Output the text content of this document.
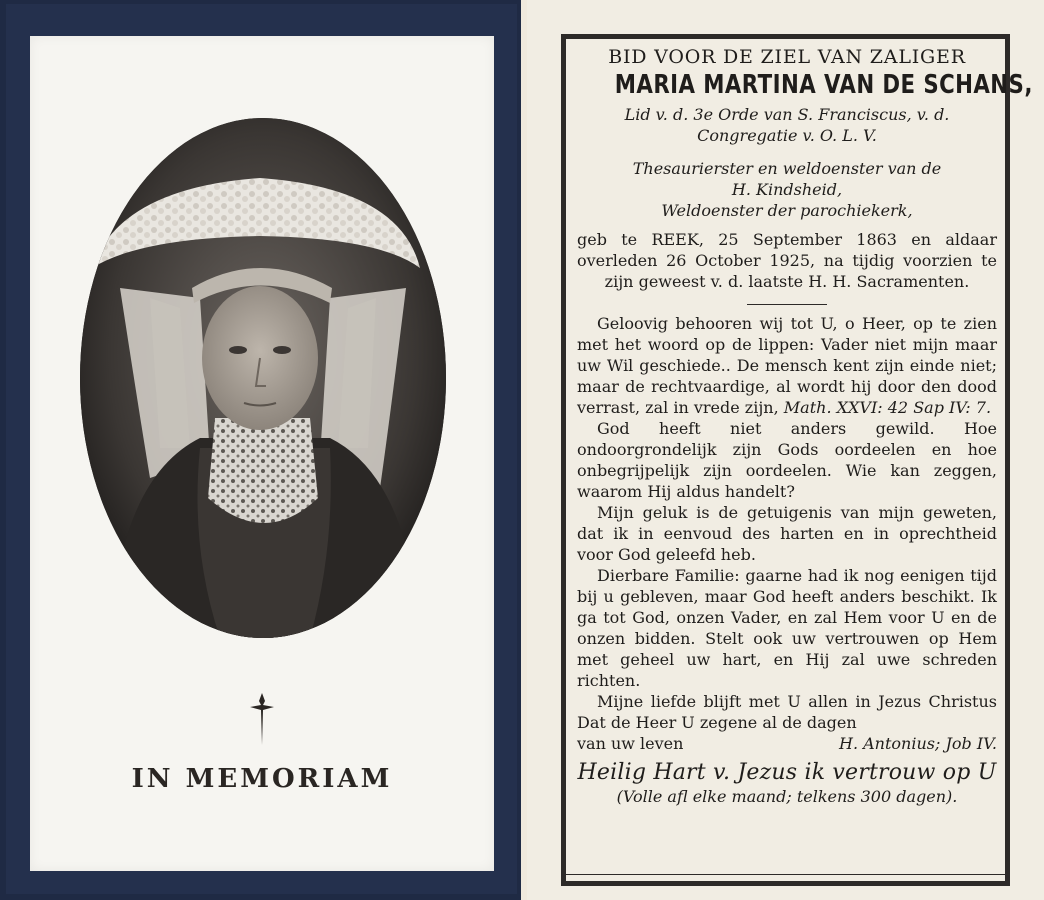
IN MEMORIAM
BID VOOR DE ZIEL VAN ZALIGER
MARIA MARTINA VAN DE SCHANS,
Lid v. d. 3e Orde van S. Franciscus, v. d.
Congregatie v. O. L. V.
Thesaurierster en weldoenster van de
H. Kindsheid,
Weldoenster der parochiekerk,
geb te REEK, 25 September 1863 en aldaar overleden 26 October 1925, na tijdig voorzien te zijn geweest v. d. laatste H. H. Sacramenten.

Geloovig behooren wij tot U, o Heer, op te zien met het woord op de lippen: Vader niet mijn maar uw Wil geschiede.. De mensch kent zijn einde niet; maar de rechtvaardige, al wordt hij door den dood verrast, zal in vrede zijn, Math. XXVI: 42 Sap IV: 7.

God heeft niet anders gewild. Hoe ondoorgrondelijk zijn Gods oordeelen en hoe onbegrijpelijk zijn oordeelen. Wie kan zeggen, waarom Hij aldus handelt?

Mijn geluk is de getuigenis van mijn geweten, dat ik in eenvoud des harten en in oprechtheid voor God geleefd heb.

Dierbare Familie: gaarne had ik nog eenigen tijd bij u gebleven, maar God heeft anders beschikt. Ik ga tot God, onzen Vader, en zal Hem voor U en de onzen bidden. Stelt ook uw vertrouwen op Hem met geheel uw hart, en Hij zal uwe schreden richten.

Mijne liefde blijft met U allen in Jezus Christus Dat de Heer U zegene al de dagen

van uw leven	H. Antonius; Job IV.
Heilig Hart v. Jezus ik vertrouw op U
(Volle afl elke maand; telkens 300 dagen).
